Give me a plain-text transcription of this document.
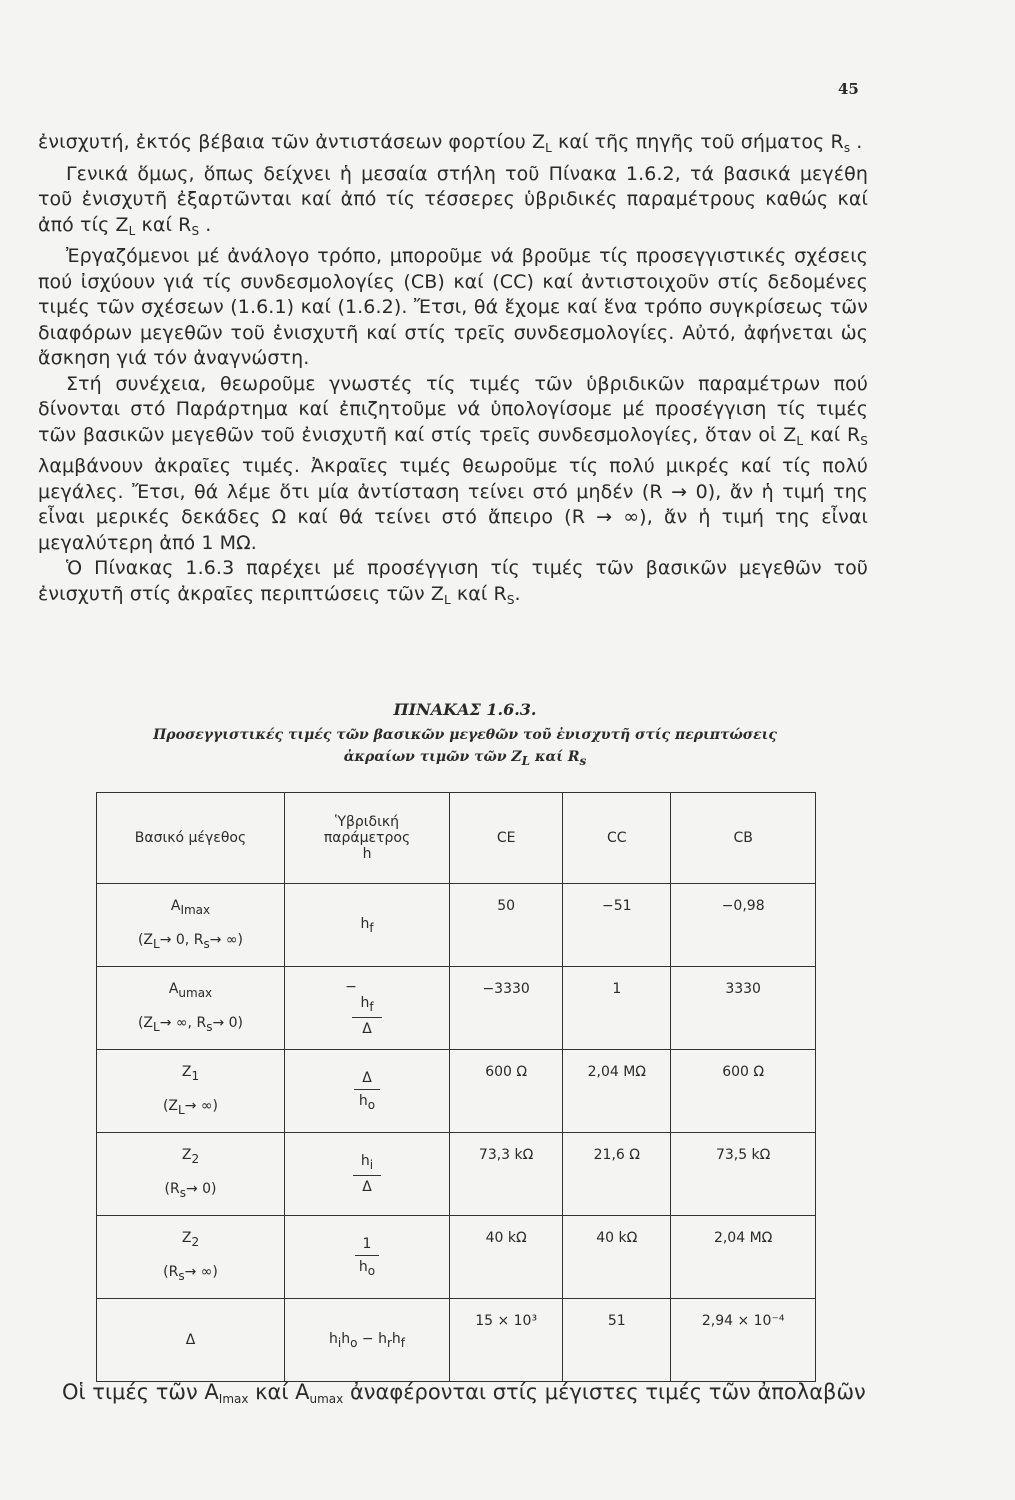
45

ἐνισχυτή, ἐκτός βέβαια τῶν ἀντιστάσεων φορτίου $Z_L$ καί τῆς πηγῆς τοῦ σήματος $R_s$ .

Γενικά ὅμως, ὅπως δείχνει ἡ μεσαία στήλη τοῦ Πίνακα 1.6.2, τά βασικά μεγέθη τοῦ ἐνισχυτῆ ἐξαρτῶνται καί ἀπό τίς τέσσερες ὑβριδικές παραμέτρους καθώς καί ἀπό τίς $Z_L$ καί $R_S$ .

Ἐργαζόμενοι μέ ἀνάλογο τρόπο, μποροῦμε νά βροῦμε τίς προσεγγιστικές σχέσεις πού ἰσχύουν γιά τίς συνδεσμολογίες (CB) καί (CC) καί ἀντιστοιχοῦν στίς δεδομένες τιμές τῶν σχέσεων (1.6.1) καί (1.6.2). Ἔτσι, θά ἔχομε καί ἕνα τρόπο συγκρίσεως τῶν διαφόρων μεγεθῶν τοῦ ἐνισχυτῆ καί στίς τρεῖς συνδεσμολογίες. Αὐτό, ἀφήνεται ὡς ἄσκηση γιά τόν ἀναγνώστη.

Στή συνέχεια, θεωροῦμε γνωστές τίς τιμές τῶν ὑβριδικῶν παραμέτρων πού δίνονται στό Παράρτημα καί ἐπιζητοῦμε νά ὑπολογίσομε μέ προσέγγιση τίς τιμές τῶν βασικῶν μεγεθῶν τοῦ ἐνισχυτῆ καί στίς τρεῖς συνδεσμολογίες, ὅταν οἱ $Z_L$ καί $R_S$ λαμβάνουν ἀκραῖες τιμές. Ἀκραῖες τιμές θεωροῦμε τίς πολύ μικρές καί τίς πολύ μεγάλες. Ἔτσι, θά λέμε ὅτι μία ἀντίσταση τείνει στό μηδέν (R → 0), ἄν ἡ τιμή της εἶναι μερικές δεκάδες Ω καί θά τείνει στό ἄπειρο (R → ∞), ἄν ἡ τιμή της εἶναι μεγαλύτερη ἀπό 1 MΩ.

Ὁ Πίνακας 1.6.3 παρέχει μέ προσέγγιση τίς τιμές τῶν βασικῶν μεγεθῶν τοῦ ἐνισχυτῆ στίς ἀκραῖες περιπτώσεις τῶν $Z_L$ καί $R_S$.

ΠΙΝΑΚΑΣ 1.6.3.
Προσεγγιστικές τιμές τῶν βασικῶν μεγεθῶν τοῦ ἐνισχυτῆ στίς περιπτώσεις
ἀκραίων τιμῶν τῶν $Z_L$ καί $R_s$
Βασικό μέγεθος	Ὑβριδική
παράμετρος
h	CE	CC	CB

$A_{Imax}$
($Z_L\to 0$, $R_s\to$ ∞)	$h_f$	50	−51	−0,98

$A_{umax}$
($Z_L\to$ ∞, $R_s\to 0$)	− $\frac{h_f}{\Delta}$	−3330	1	3330

$Z_1$
($Z_L\to$ ∞)	$\frac{\Delta}{h_o}$	600 Ω	2,04 MΩ	600 Ω

$Z_2$
$(R_s\to 0)$	$\frac{h_i}{\Delta}$	73,3 kΩ	21,6 Ω	73,5 kΩ

$Z_2$
($R_s\to$ ∞)	$\frac{1}{h_o}$	40 kΩ	40 kΩ	2,04 MΩ

Δ	$h_ih_o - h_rh_f$	15 × 10³	51	2,94 × 10⁻⁴
Οἱ τιμές τῶν $A_{Imax}$ καί $A_{umax}$ ἀναφέρονται στίς μέγιστες τιμές τῶν ἀπολαβῶν
